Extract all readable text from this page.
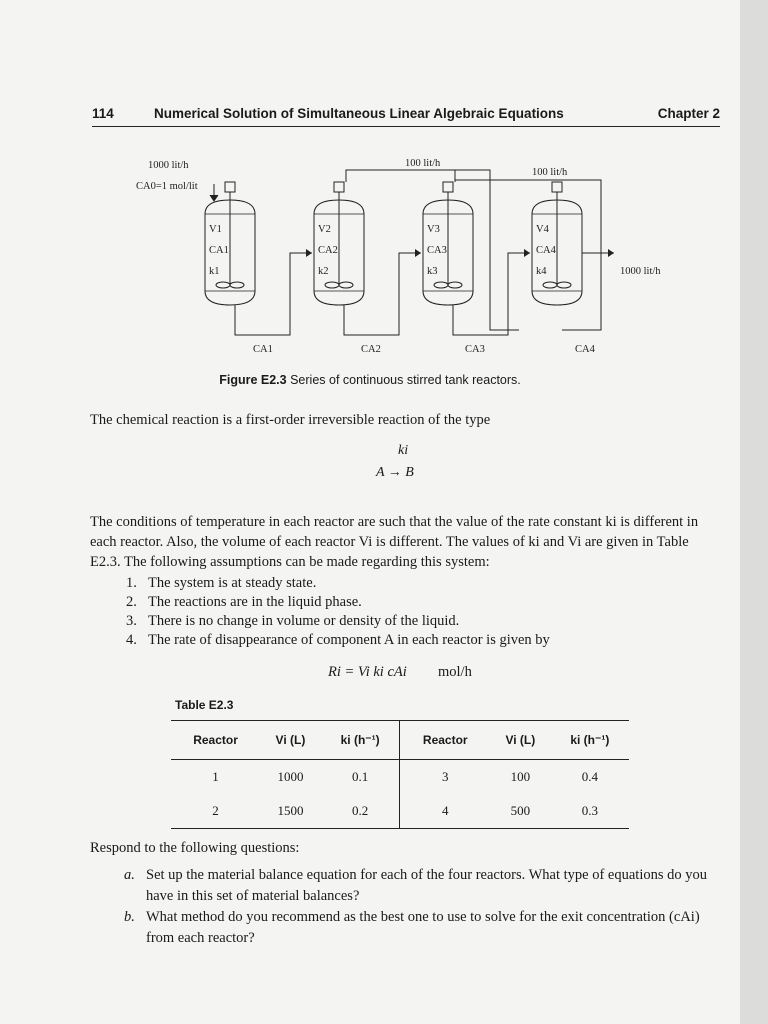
114	Numerical Solution of Simultaneous Linear Algebraic Equations	Chapter 2
V1
CA1
k1
CA1
V2
CA2
k2
CA2
V3
CA3
k3
CA3
V4
CA4
k4
CA4
1000 lit/h
CA0=1 mol/lit
100 lit/h
100 lit/h
1000 lit/h
Figure E2.3 Series of continuous stirred tank reactors.
The chemical reaction is a first-order irreversible reaction of the type
ki
A → B
The conditions of temperature in each reactor are such that the value of the rate constant ki is different in each reactor. Also, the volume of each reactor Vi is different. The values of ki and Vi are given in Table E2.3. The following assumptions can be made regarding this system:
1. The system is at steady state.
2. The reactions are in the liquid phase.
3. There is no change in volume or density of the liquid.
4. The rate of disappearance of component A in each reactor is given by
Ri = Vi ki cAi mol/h
Table E2.3
Reactor	Vi (L)	ki (h⁻¹)	Reactor	Vi (L)	ki (h⁻¹)
1	1000	0.1	3	100	0.4
2	1500	0.2	4	500	0.3
Respond to the following questions:
a. Set up the material balance equation for each of the four reactors. What type of equations do you have in this set of material balances?
b. What method do you recommend as the best one to use to solve for the exit concentration (cAi) from each reactor?
